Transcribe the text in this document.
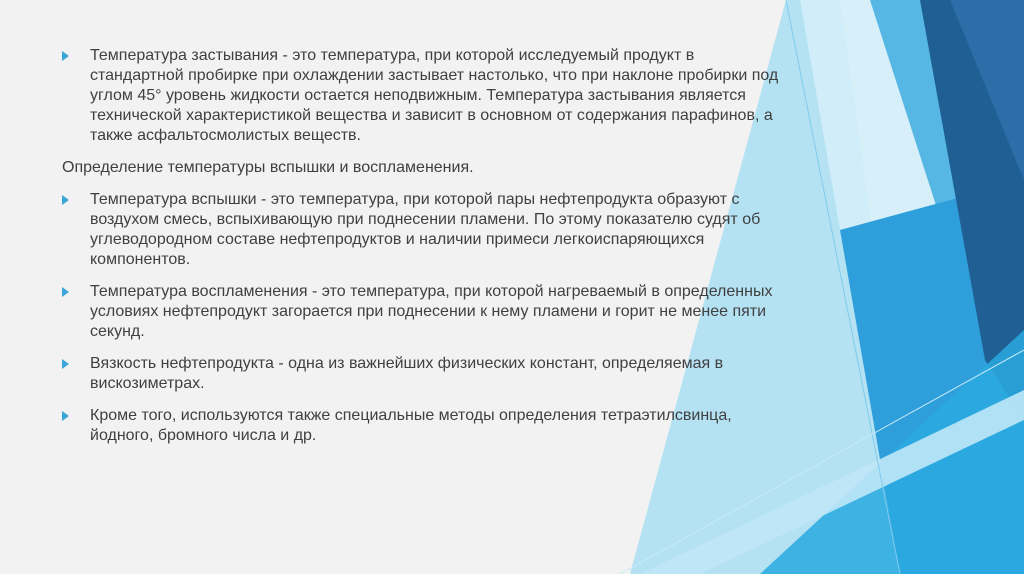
Температура застывания - это температура, при которой исследуемый продукт в стандартной пробирке при охлаждении застывает настолько, что при наклоне пробирки под углом 45° уровень жидкости остается неподвижным. Температура застывания является технической характеристикой вещества и зависит в основном от содержания парафинов, а также асфальтосмолистых веществ.
Определение температуры вспышки и воспламенения.
Температура вспышки - это температура, при которой пары нефтепродукта образуют с воздухом смесь, вспыхивающую при поднесении пламени. По этому показателю судят об углеводородном составе нефтепродуктов и наличии примеси легкоиспаряющихся компонентов.
Температура воспламенения - это температура, при которой нагреваемый в определенных условиях нефтепродукт загорается при поднесении к нему пламени и горит не менее пяти секунд.
Вязкость нефтепродукта - одна из важнейших физических констант, определяемая в вискозиметрах.
Кроме того, используются также специальные методы определения тетраэтилсвинца, йодного, бромного числа и др.
